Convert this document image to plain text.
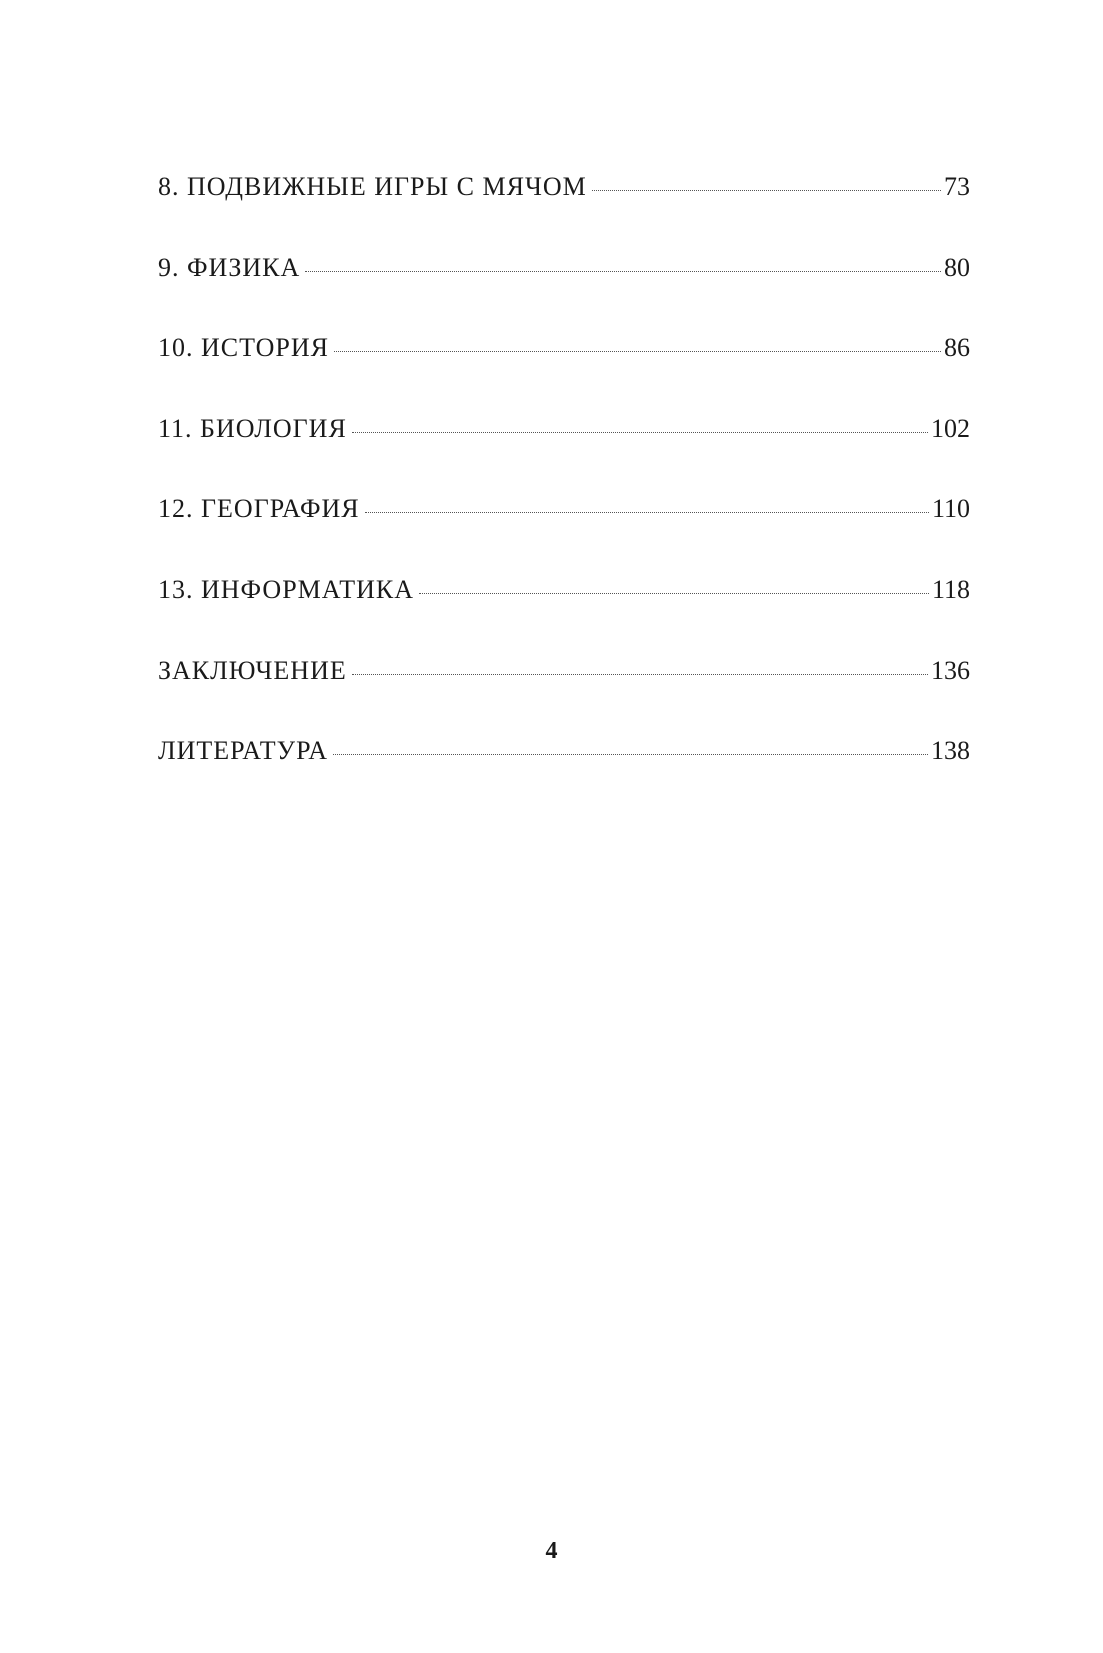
8. ПОДВИЖНЫЕ ИГРЫ С МЯЧОМ	73
9. ФИЗИКА	80
10. ИСТОРИЯ	86
11. БИОЛОГИЯ	102
12. ГЕОГРАФИЯ	110
13. ИНФОРМАТИКА	118
ЗАКЛЮЧЕНИЕ	136
ЛИТЕРАТУРА	138
4
